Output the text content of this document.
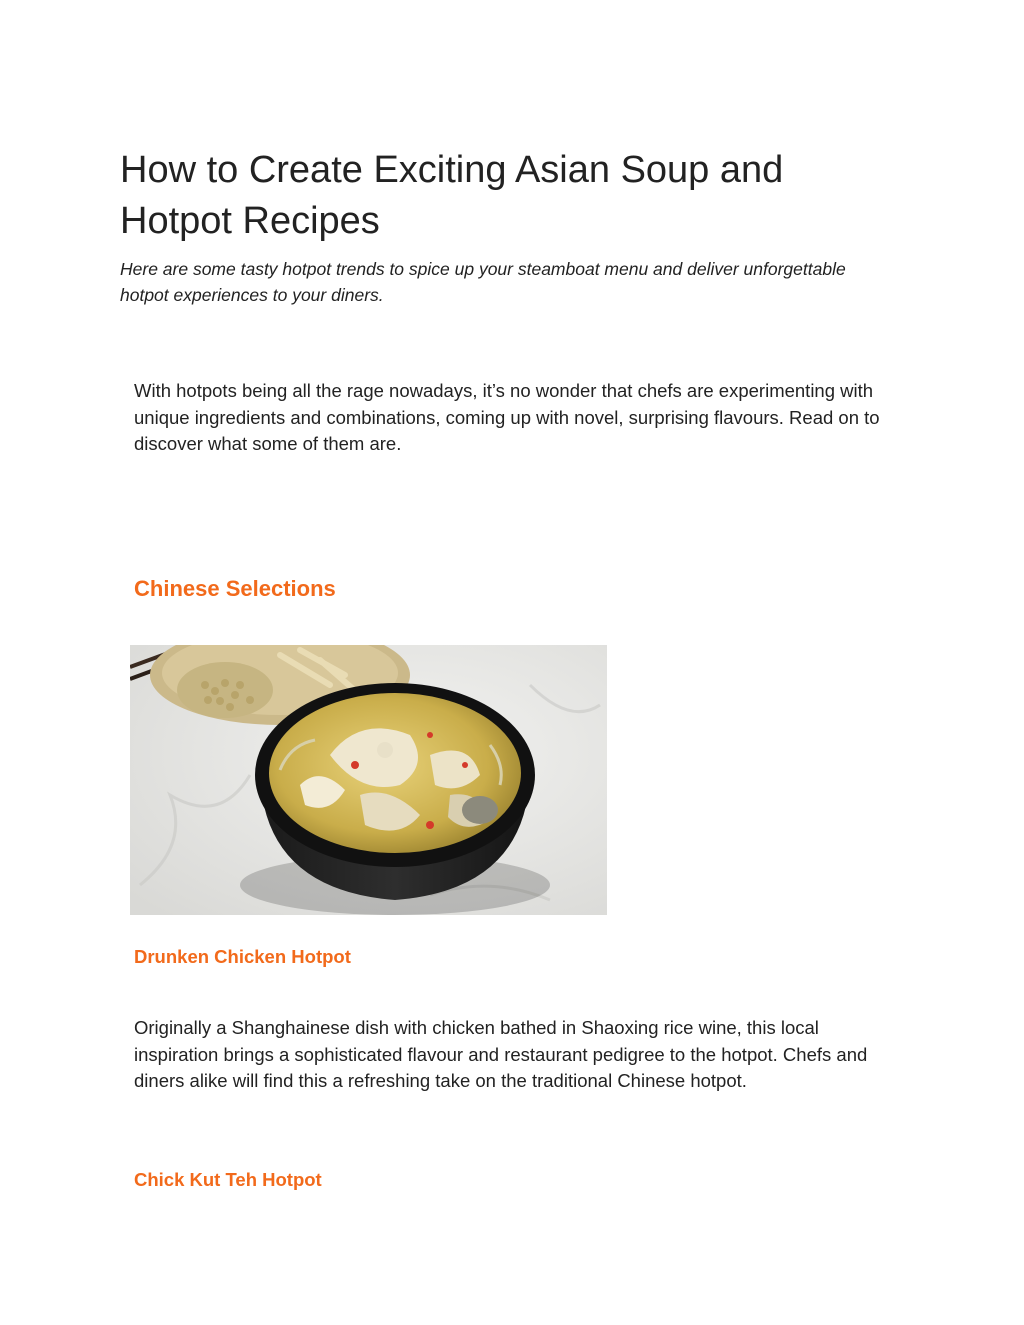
How to Create Exciting Asian Soup and Hotpot Recipes

Here are some tasty hotpot trends to spice up your steamboat menu and deliver unforgettable hotpot experiences to your diners.

With hotpots being all the rage nowadays, it’s no wonder that chefs are experimenting with unique ingredients and combinations, coming up with novel, surprising flavours. Read on to discover what some of them are.

Chinese Selections
Drunken Chicken Hotpot

Originally a Shanghainese dish with chicken bathed in Shaoxing rice wine, this local inspiration brings a sophisticated flavour and restaurant pedigree to the hotpot. Chefs and diners alike will find this a refreshing take on the traditional Chinese hotpot.

Chick Kut Teh Hotpot
